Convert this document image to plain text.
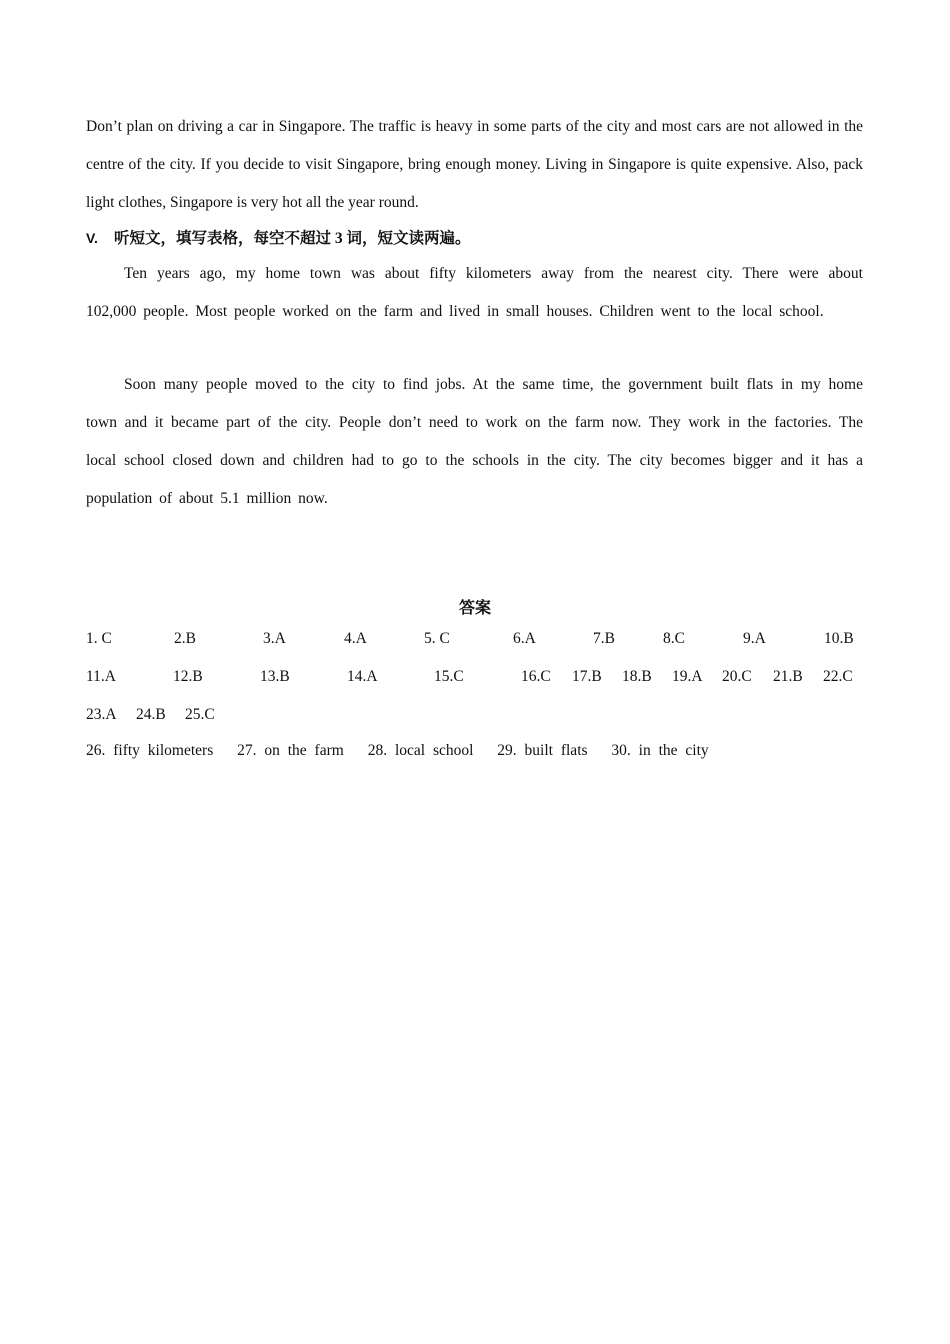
Don’t plan on driving a car in Singapore. The traffic is heavy in some parts of the city and most cars are not allowed in the centre of the city. If you decide to visit Singapore, bring enough money. Living in Singapore is quite expensive. Also, pack light clothes, Singapore is very hot all the year round.

V. 听短文，填写表格，每空不超过 3 词，短文读两遍。

Ten years ago, my home town was about fifty kilometers away from the nearest city. There were about 102,000 people. Most people worked on the farm and lived in small houses. Children went to the local school.

Soon many people moved to the city to find jobs. At the same time, the government built flats in my home town and it became part of the city. People don’t need to work on the farm now. They work in the factories. The local school closed down and children had to go to the schools in the city. The city becomes bigger and it has a population of about 5.1 million now.

答案

1. C	2.B	3.A	4.A	5. C	6.A	7.B	8.C	9.A	10.B
11.A	12.B	13.B	14.A	15.C	16.C 17.B 18.B 19.A 20.C 21.B 22.C
23.A 24.B 25.C
26. fifty kilometers 27. on the farm 28. local school 29. built flats 30. in the city
